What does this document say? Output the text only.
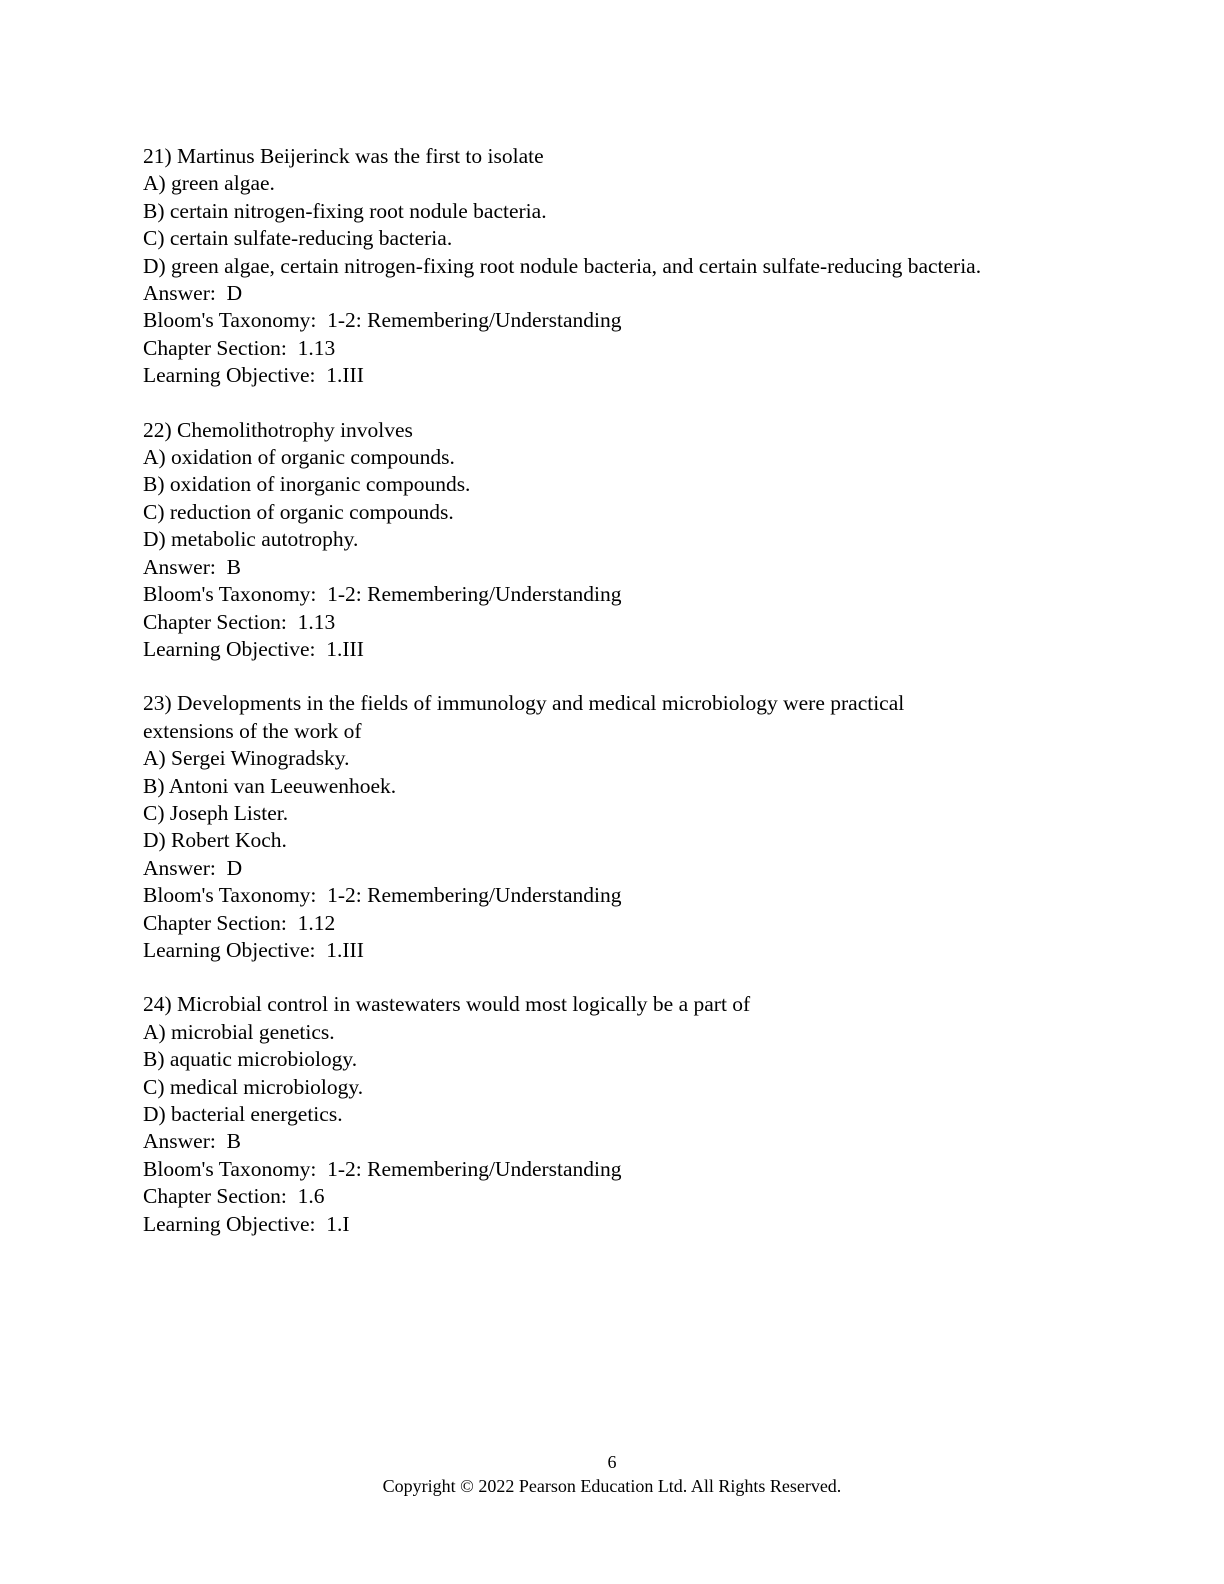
21) Martinus Beijerinck was the first to isolate
A) green algae.
B) certain nitrogen-fixing root nodule bacteria.
C) certain sulfate-reducing bacteria.
D) green algae, certain nitrogen-fixing root nodule bacteria, and certain sulfate-reducing bacteria.
Answer:  D
Bloom's Taxonomy:  1-2: Remembering/Understanding
Chapter Section:  1.13
Learning Objective:  1.III
22) Chemolithotrophy involves
A) oxidation of organic compounds.
B) oxidation of inorganic compounds.
C) reduction of organic compounds.
D) metabolic autotrophy.
Answer:  B
Bloom's Taxonomy:  1-2: Remembering/Understanding
Chapter Section:  1.13
Learning Objective:  1.III
23) Developments in the fields of immunology and medical microbiology were practical
extensions of the work of
A) Sergei Winogradsky.
B) Antoni van Leeuwenhoek.
C) Joseph Lister.
D) Robert Koch.
Answer:  D
Bloom's Taxonomy:  1-2: Remembering/Understanding
Chapter Section:  1.12
Learning Objective:  1.III
24) Microbial control in wastewaters would most logically be a part of
A) microbial genetics.
B) aquatic microbiology.
C) medical microbiology.
D) bacterial energetics.
Answer:  B
Bloom's Taxonomy:  1-2: Remembering/Understanding
Chapter Section:  1.6
Learning Objective:  1.I
6
Copyright © 2022 Pearson Education Ltd. All Rights Reserved.
